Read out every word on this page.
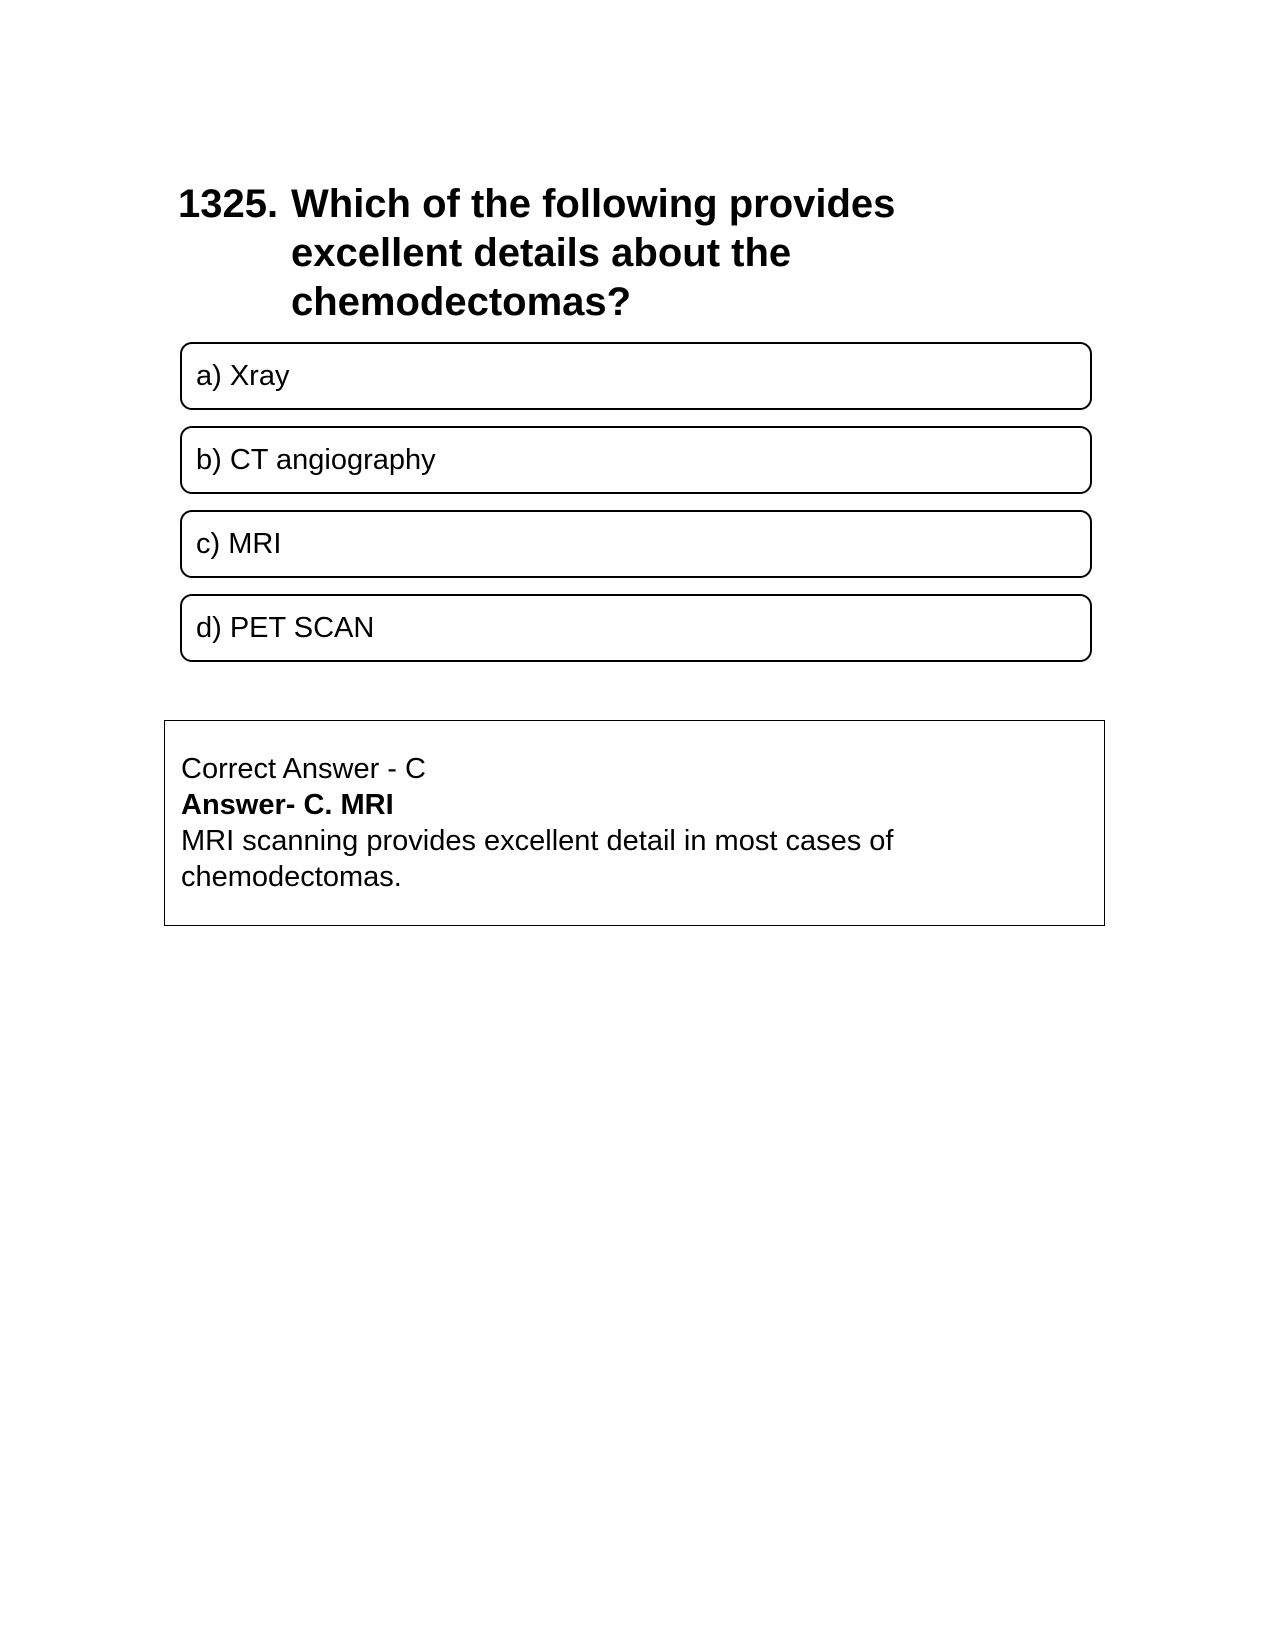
1325. Which of the following provides excellent details about the chemodectomas?
a) Xray
b) CT angiography
c) MRI
d) PET SCAN
Correct Answer - C
Answer- C. MRI
MRI scanning provides excellent detail in most cases of chemodectomas.
